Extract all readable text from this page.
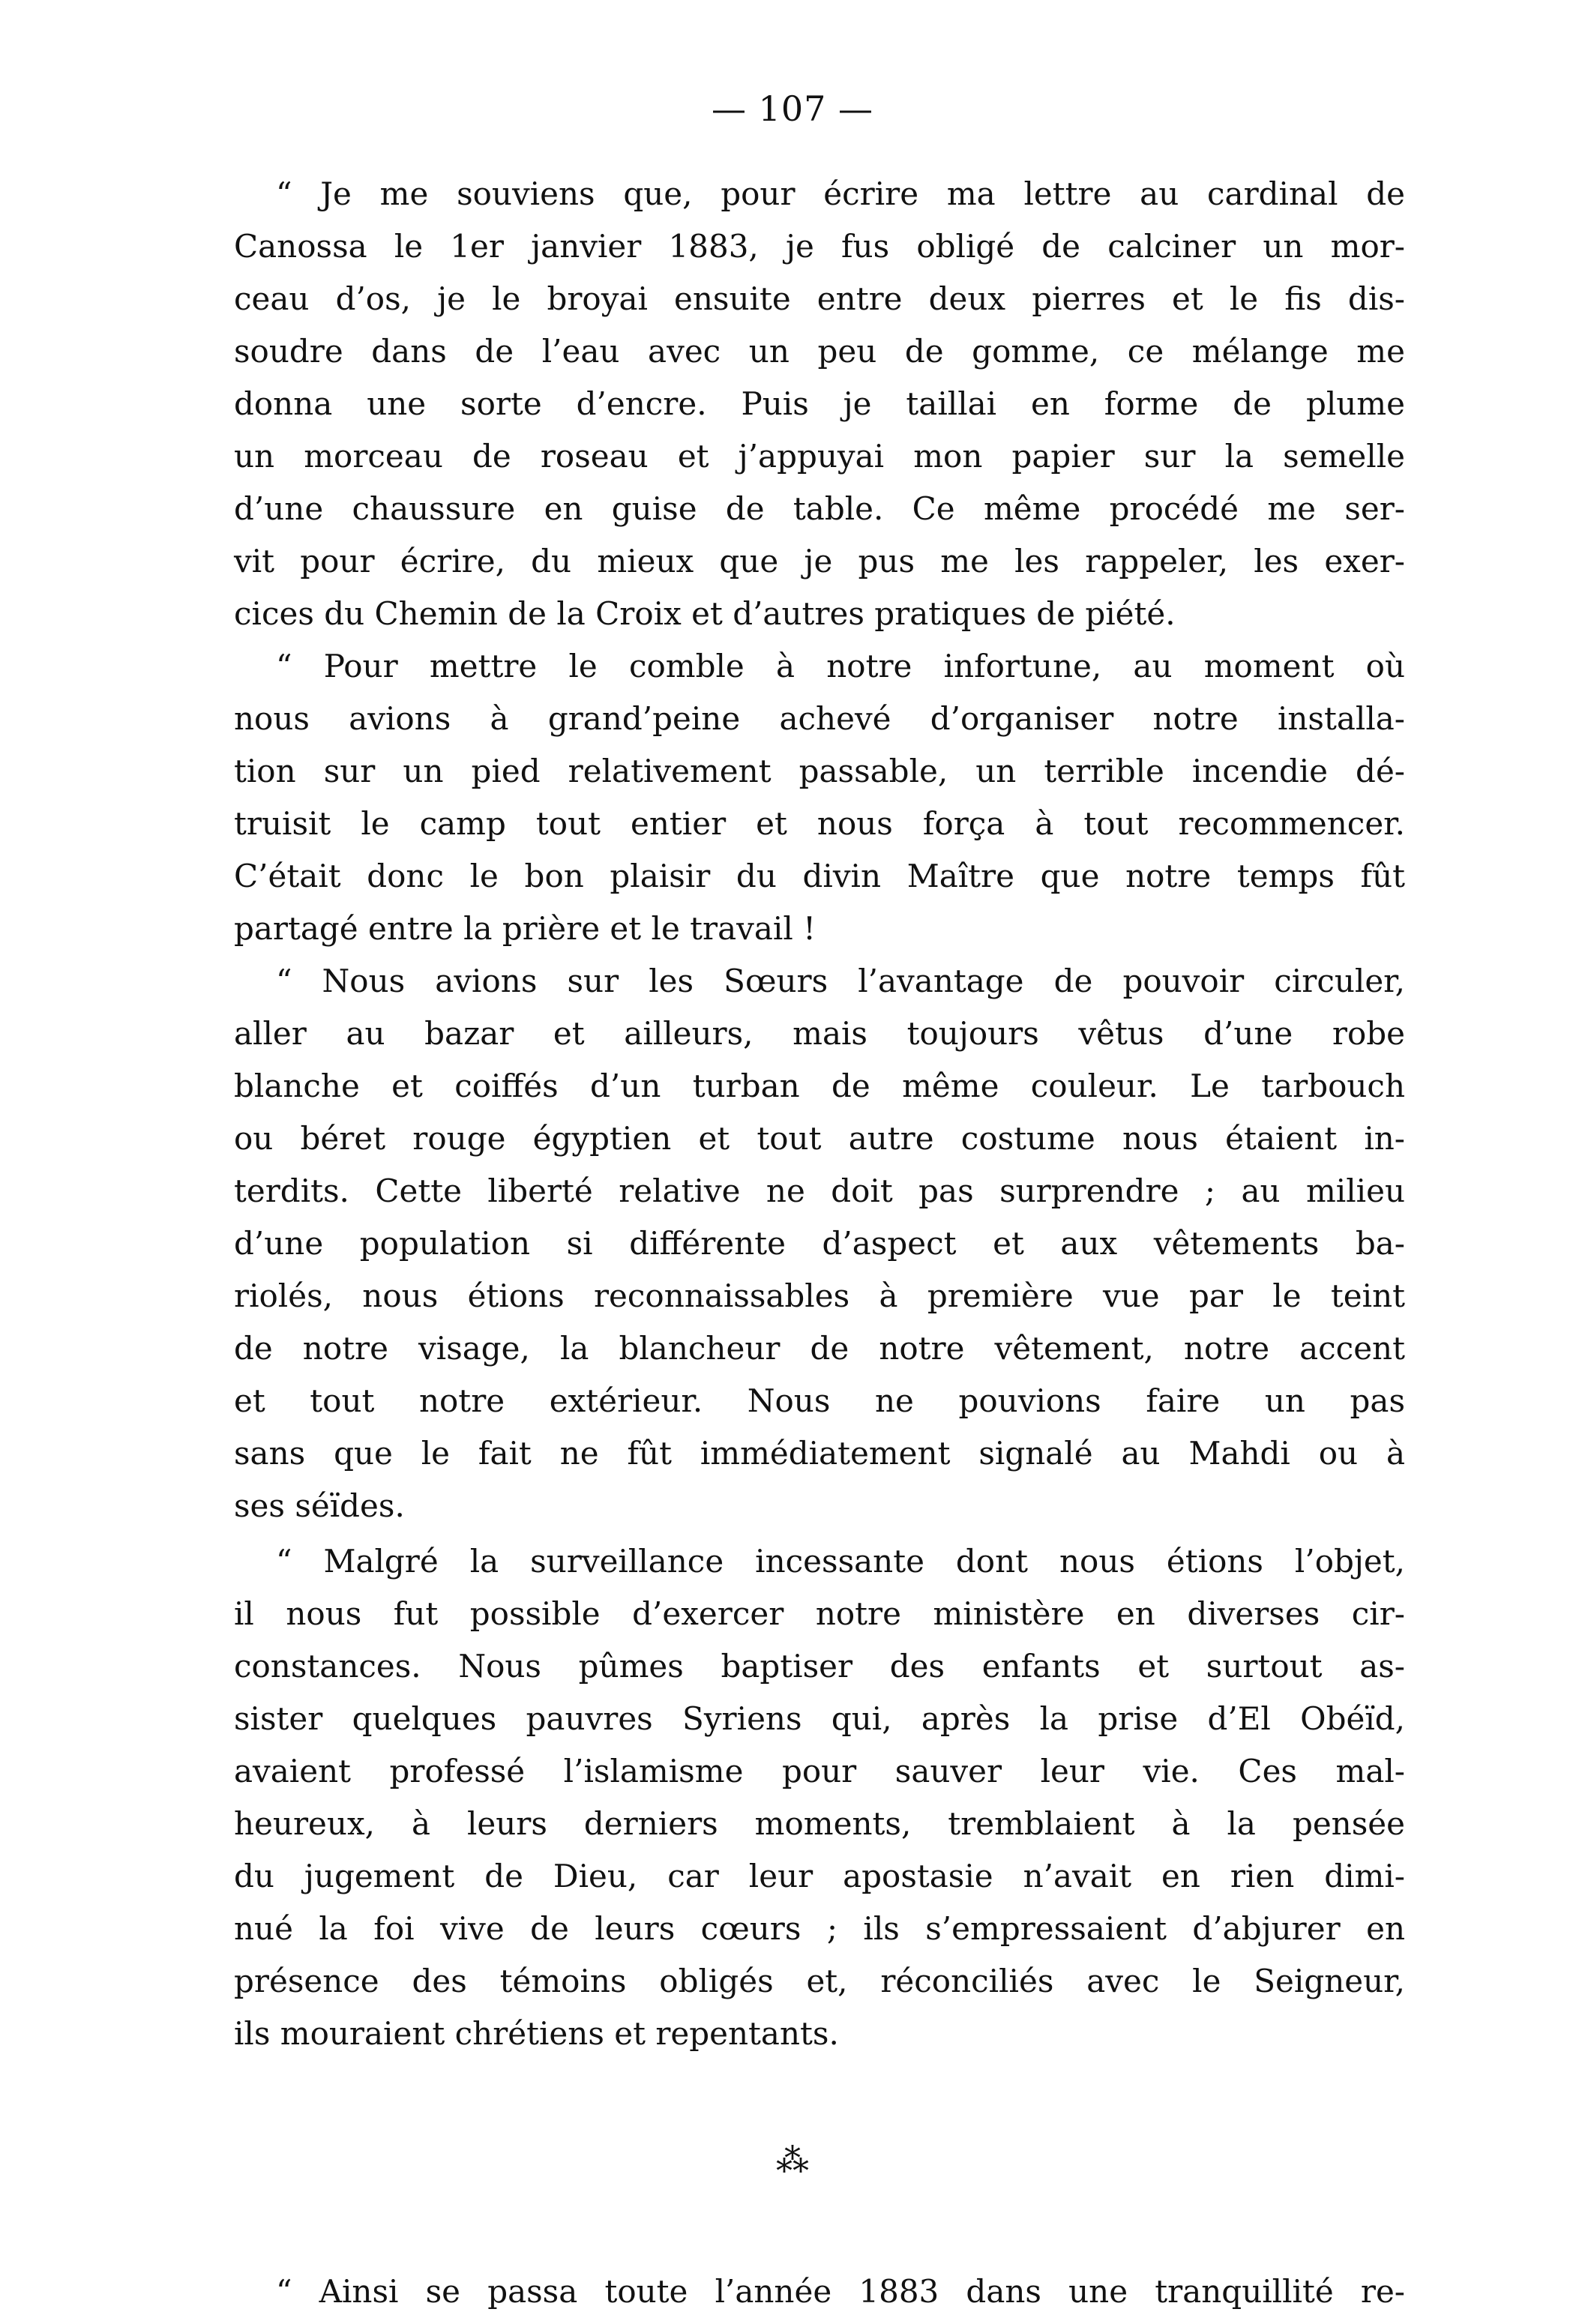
— 107 —
“ Je me souviens que, pour écrire ma lettre au cardinal de
Canossa le 1er janvier 1883, je fus obligé de calciner un mor-
ceau d’os, je le broyai ensuite entre deux pierres et le fis dis-
soudre dans de l’eau avec un peu de gomme, ce mélange me
donna une sorte d’encre. Puis je taillai en forme de plume
un morceau de roseau et j’appuyai mon papier sur la semelle
d’une chaussure en guise de table. Ce même procédé me ser-
vit pour écrire, du mieux que je pus me les rappeler, les exer-
cices du Chemin de la Croix et d’autres pratiques de piété.
“ Pour mettre le comble à notre infortune, au moment où
nous avions à grand’peine achevé d’organiser notre installa-
tion sur un pied relativement passable, un terrible incendie dé-
truisit le camp tout entier et nous força à tout recommencer.
C’était donc le bon plaisir du divin Maître que notre temps fût
partagé entre la prière et le travail !
“ Nous avions sur les Sœurs l’avantage de pouvoir circuler,
aller au bazar et ailleurs, mais toujours vêtus d’une robe
blanche et coiffés d’un turban de même couleur. Le tarbouch
ou béret rouge égyptien et tout autre costume nous étaient in-
terdits. Cette liberté relative ne doit pas surprendre ; au milieu
d’une population si différente d’aspect et aux vêtements ba-
riolés, nous étions reconnaissables à première vue par le teint
de notre visage, la blancheur de notre vêtement, notre accent
et tout notre extérieur. Nous ne pouvions faire un pas
sans que le fait ne fût immédiatement signalé au Mahdi ou à
ses séïdes.
“ Malgré la surveillance incessante dont nous étions l’objet,
il nous fut possible d’exercer notre ministère en diverses cir-
constances. Nous pûmes baptiser des enfants et surtout as-
sister quelques pauvres Syriens qui, après la prise d’El Obéïd,
avaient professé l’islamisme pour sauver leur vie. Ces mal-
heureux, à leurs derniers moments, tremblaient à la pensée
du jugement de Dieu, car leur apostasie n’avait en rien dimi-
nué la foi vive de leurs cœurs ; ils s’empressaient d’abjurer en
présence des témoins obligés et, réconciliés avec le Seigneur,
ils mouraient chrétiens et repentants.
⁂
“ Ainsi se passa toute l’année 1883 dans une tranquillité re-
